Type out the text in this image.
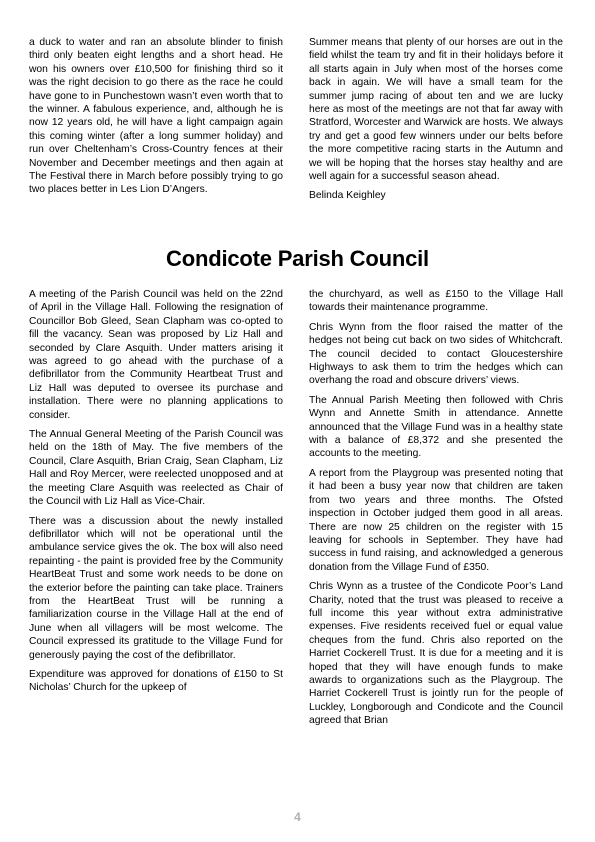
a duck to water and ran an absolute blinder to finish third only beaten eight lengths and a short head. He won his owners over £10,500 for finishing third so it was the right decision to go there as the race he could have gone to in Punchestown wasn’t even worth that to the winner. A fabulous experience, and, although he is now 12 years old, he will have a light campaign again this coming winter (after a long summer holiday) and run over Cheltenham’s Cross-Country fences at their November and December meetings and then again at The Festival there in March before possibly trying to go two places better in Les Lion D’Angers.

Summer means that plenty of our horses are out in the field whilst the team try and fit in their holidays before it all starts again in July when most of the horses come back in again. We will have a small team for the summer jump racing of about ten and we are lucky here as most of the meetings are not that far away with Stratford, Worcester and Warwick are hosts. We always try and get a good few winners under our belts before the more competitive racing starts in the Autumn and we will be hoping that the horses stay healthy and are well again for a successful season ahead.

Belinda Keighley

Condicote Parish Council

A meeting of the Parish Council was held on the 22nd of April in the Village Hall. Following the resignation of Councillor Bob Gleed, Sean Clapham was co-opted to fill the vacancy. Sean was proposed by Liz Hall and seconded by Clare Asquith. Under matters arising it was agreed to go ahead with the purchase of a defibrillator from the Community Heartbeat Trust and Liz Hall was deputed to oversee its purchase and installation. There were no planning applications to consider.

The Annual General Meeting of the Parish Council was held on the 18th of May. The five members of the Council, Clare Asquith, Brian Craig, Sean Clapham, Liz Hall and Roy Mercer, were reelected unopposed and at the meeting Clare Asquith was reelected as Chair of the Council with Liz Hall as Vice-Chair.

There was a discussion about the newly installed defibrillator which will not be operational until the ambulance service gives the ok. The box will also need repainting - the paint is provided free by the Community HeartBeat Trust and some work needs to be done on the exterior before the painting can take place. Trainers from the HeartBeat Trust will be running a familiarization course in the Village Hall at the end of June when all villagers will be most welcome. The Council expressed its gratitude to the Village Fund for generously paying the cost of the defibrillator.

Expenditure was approved for donations of £150 to St Nicholas’ Church for the upkeep of

the churchyard, as well as £150 to the Village Hall towards their maintenance programme.

Chris Wynn from the floor raised the matter of the hedges not being cut back on two sides of Whitchcraft. The council decided to contact Gloucestershire Highways to ask them to trim the hedges which can overhang the road and obscure drivers’ views.

The Annual Parish Meeting then followed with Chris Wynn and Annette Smith in attendance. Annette announced that the Village Fund was in a healthy state with a balance of £8,372 and she presented the accounts to the meeting.

A report from the Playgroup was presented noting that it had been a busy year now that children are taken from two years and three months. The Ofsted inspection in October judged them good in all areas. There are now 25 children on the register with 15 leaving for schools in September. They have had success in fund raising, and acknowledged a generous donation from the Village Fund of £350.

Chris Wynn as a trustee of the Condicote Poor’s Land Charity, noted that the trust was pleased to receive a full income this year without extra administrative expenses. Five residents received fuel or equal value cheques from the fund. Chris also reported on the Harriet Cockerell Trust. It is due for a meeting and it is hoped that they will have enough funds to make awards to organizations such as the Playgroup. The Harriet Cockerell Trust is jointly run for the people of Luckley, Longborough and Condicote and the Council agreed that Brian

4
